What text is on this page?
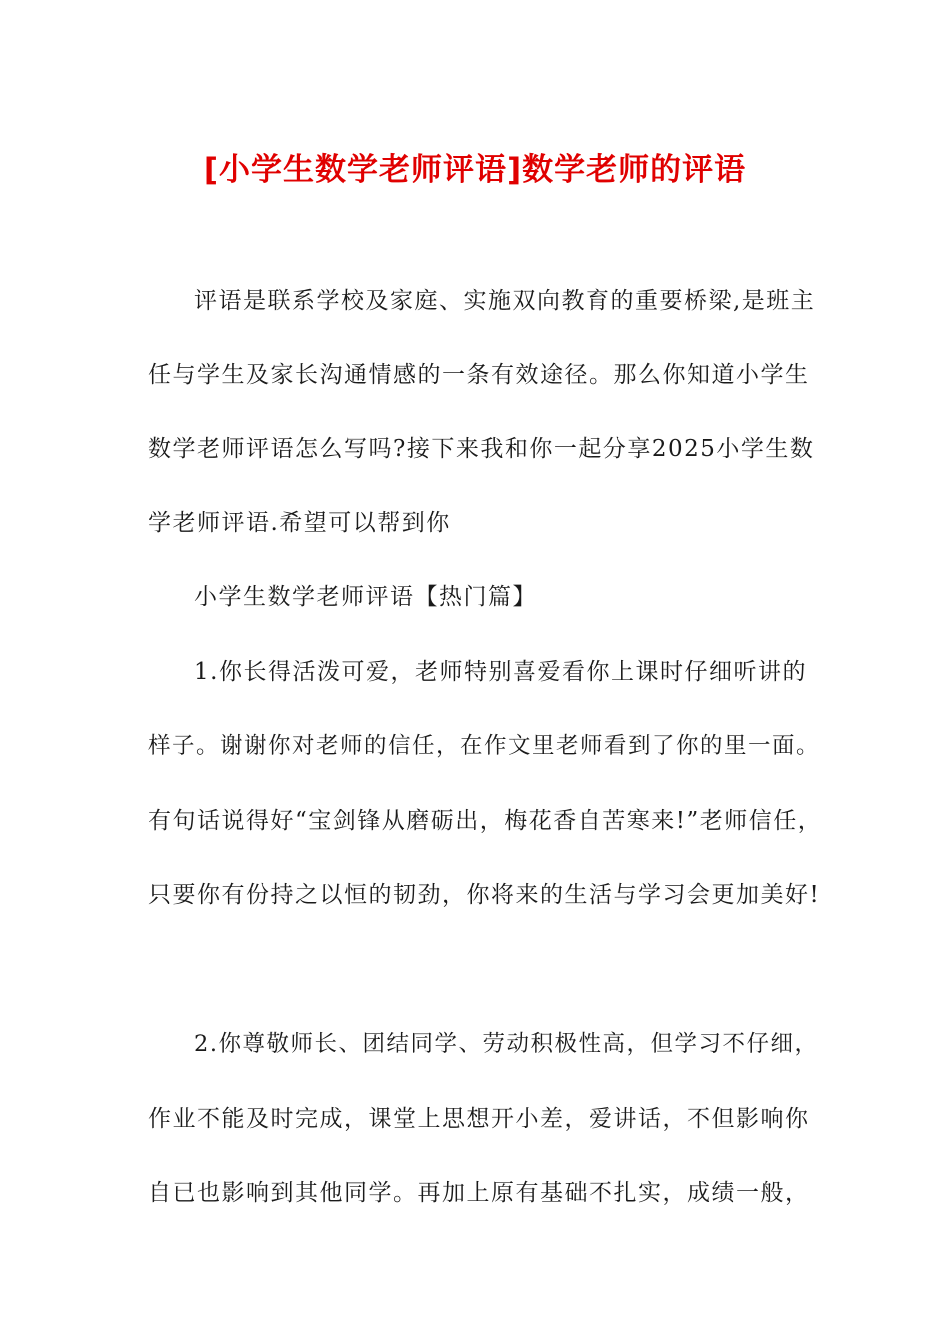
[小学生数学老师评语]数学老师的评语
评语是联系学校及家庭、实施双向教育的重要桥梁,是班主
任与学生及家长沟通情感的一条有效途径。那么你知道小学生
数学老师评语怎么写吗?接下来我和你一起分享2025小学生数
学老师评语.希望可以帮到你
小学生数学老师评语【热门篇】
1.你长得活泼可爱，老师特别喜爱看你上课时仔细听讲的
样子。谢谢你对老师的信任，在作文里老师看到了你的里一面。
有句话说得好“宝剑锋从磨砺出，梅花香自苦寒来!”老师信任，
只要你有份持之以恒的韧劲，你将来的生活与学习会更加美好!
2.你尊敬师长、团结同学、劳动积极性高，但学习不仔细，
作业不能及时完成，课堂上思想开小差，爱讲话，不但影响你
自已也影响到其他同学。再加上原有基础不扎实，成绩一般，
